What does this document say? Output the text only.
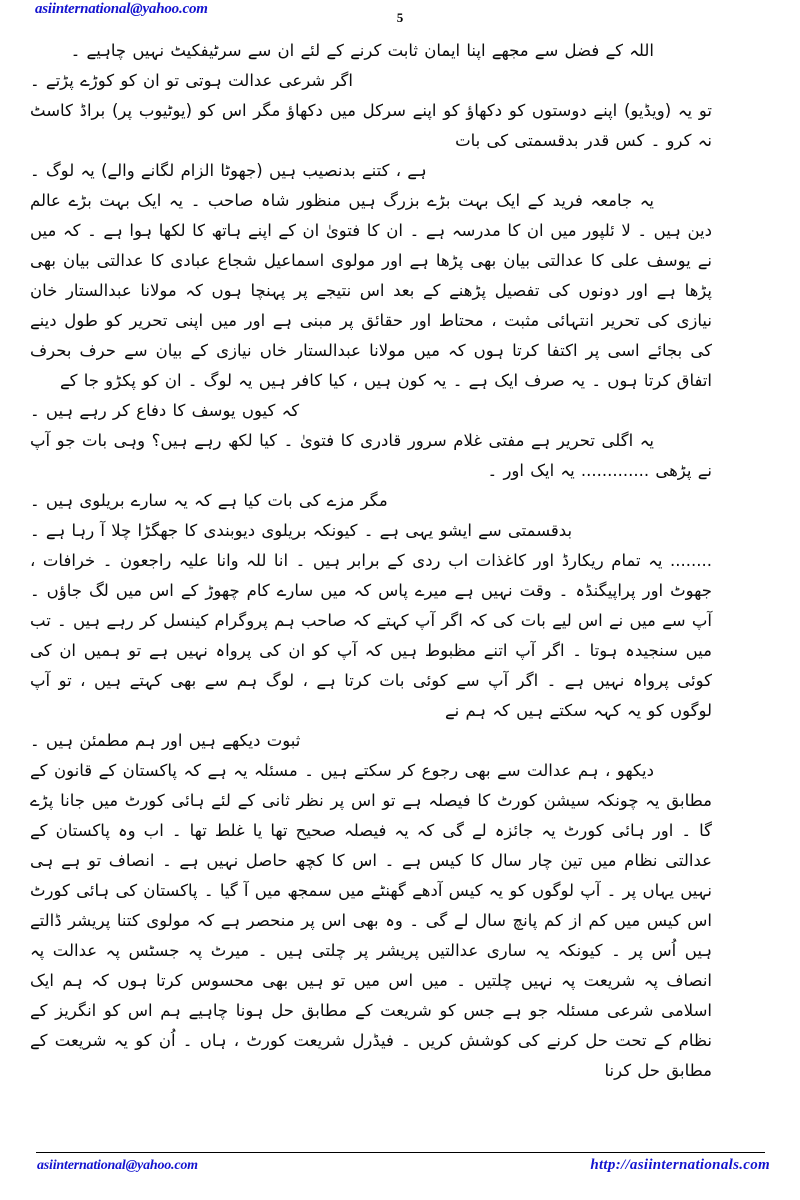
asiinternational@yahoo.com
5

اللہ کے فضل سے مجھے اپنا ایمان ثابت کرنے کے لئے ان سے سرٹیفکیٹ نہیں چاہیے ۔
اگر شرعی عدالت ہوتی تو ان کو کوڑے پڑتے ۔

تو یہ (ویڈیو) اپنے دوستوں کو دکھاؤ کو اپنے سرکل میں دکھاؤ مگر اس کو (یوٹیوب پر) براڈ کاسٹ نہ کرو ۔ کس قدر بدقسمتی کی بات
ہے ، کتنے بدنصیب ہیں (جھوٹا الزام لگانے والے) یہ لوگ ۔

یہ جامعہ فرید کے ایک بہت بڑے بزرگ ہیں منظور شاہ صاحب ۔ یہ ایک بہت بڑے عالم دین ہیں ۔ لا ئلپور میں ان کا مدرسہ ہے ۔ ان کا فتویٰ ان کے اپنے ہاتھ کا لکھا ہوا ہے ۔ کہ میں نے یوسف علی کا عدالتی بیان بھی پڑھا ہے اور مولوی اسماعیل شجاع عبادی کا عدالتی بیان بھی پڑھا ہے اور دونوں کی تفصیل پڑھنے کے بعد اس نتیجے پر پہنچا ہوں کہ مولانا عبدالستار خان نیازی کی تحریر انتہائی مثبت ، محتاط اور حقائق پر مبنی ہے اور میں اپنی تحریر کو طول دینے کی بجائے اسی پر اکتفا کرتا ہوں کہ میں مولانا عبدالستار خاں نیازی کے بیان سے حرف بحرف اتفاق کرتا ہوں ۔ یہ صرف ایک ہے ۔ یہ کون ہیں ، کیا کافر ہیں یہ لوگ ۔ ان کو پکڑو جا کے
کہ کیوں یوسف کا دفاع کر رہے ہیں ۔

یہ اگلی تحریر ہے مفتی غلام سرور قادری کا فتویٰ ۔ کیا لکھ رہے ہیں؟ وہی بات جو آپ نے پڑھی ............. یہ ایک اور ۔

مگر مزے کی بات کیا ہے کہ یہ سارے بریلوی ہیں ۔

بدقسمتی سے ایشو یہی ہے ۔ کیونکہ بریلوی دیوبندی کا جھگڑا چلا آ رہا ہے ۔

........ یہ تمام ریکارڈ اور کاغذات اب ردی کے برابر ہیں ۔ انا للہ وانا علیہ راجعون ۔ خرافات ، جھوٹ اور پراپیگنڈہ ۔ وقت نہیں ہے میرے پاس کہ میں سارے کام چھوڑ کے اس میں لگ جاؤں ۔ آپ سے میں نے اس لیے بات کی کہ اگر آپ کہتے کہ صاحب ہم پروگرام کینسل کر رہے ہیں ۔ تب میں سنجیدہ ہوتا ۔ اگر آپ اتنے مظبوط ہیں کہ آپ کو ان کی پرواہ نہیں ہے تو ہمیں ان کی کوئی پرواہ نہیں ہے ۔ اگر آپ سے کوئی بات کرتا ہے ، لوگ ہم سے بھی کہتے ہیں ، تو آپ لوگوں کو یہ کہہ سکتے ہیں کہ ہم نے
ثبوت دیکھے ہیں اور ہم مطمئن ہیں ۔

دیکھو ، ہم عدالت سے بھی رجوع کر سکتے ہیں ۔ مسئلہ یہ ہے کہ پاکستان کے قانون کے مطابق یہ چونکہ سیشن کورٹ کا فیصلہ ہے تو اس پر نظر ثانی کے لئے ہائی کورٹ میں جانا پڑے گا ۔ اور ہائی کورٹ یہ جائزہ لے گی کہ یہ فیصلہ صحیح تھا یا غلط تھا ۔ اب وہ پاکستان کے عدالتی نظام میں تین چار سال کا کیس ہے ۔ اس کا کچھ حاصل نہیں ہے ۔ انصاف تو ہے ہی نہیں یہاں پر ۔ آپ لوگوں کو یہ کیس آدھے گھنٹے میں سمجھ میں آ گیا ۔ پاکستان کی ہائی کورٹ اس کیس میں کم از کم پانچ سال لے گی ۔ وہ بھی اس پر منحصر ہے کہ مولوی کتنا پریشر ڈالتے ہیں اُس پر ۔ کیونکہ یہ ساری عدالتیں پریشر پر چلتی ہیں ۔ میرٹ پہ جسٹس پہ عدالت پہ انصاف پہ شریعت پہ نہیں چلتیں ۔ میں اس میں تو ہیں بھی محسوس کرتا ہوں کہ ہم ایک اسلامی شرعی مسئلہ جو ہے جس کو شریعت کے مطابق حل ہونا چاہیے ہم اس کو انگریز کے نظام کے تحت حل کرنے کی کوشش کریں ۔ فیڈرل شریعت کورٹ ، ہاں ۔ اُن کو یہ شریعت کے مطابق حل کرنا

asiinternational@yahoo.com	http://asiinternationals.com
